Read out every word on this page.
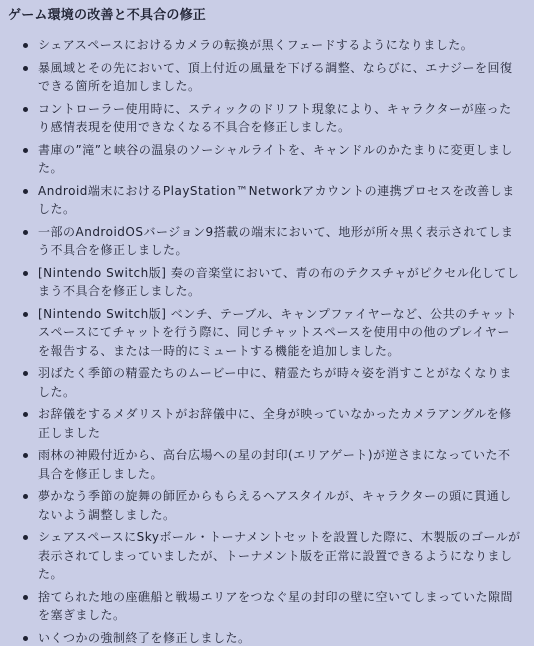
ゲーム環境の改善と不具合の修正
シェアスペースにおけるカメラの転換が黒くフェードするようになりました。
暴風域とその先において、頂上付近の風量を下げる調整、ならびに、エナジーを回復できる箇所を追加しました。
コントローラー使用時に、スティックのドリフト現象により、キャラクターが座ったり感情表現を使用できなくなる不具合を修正しました。
書庫の”滝”と峡谷の温泉のソーシャルライトを、キャンドルのかたまりに変更しました。
Android端末におけるPlayStation™Networkアカウントの連携プロセスを改善しました。
一部のAndroidOSバージョン9搭載の端末において、地形が所々黒く表示されてしまう不具合を修正しました。
[Nintendo Switch版] 奏の音楽堂において、青の布のテクスチャがピクセル化してしまう不具合を修正しました。
[Nintendo Switch版] ベンチ、テーブル、キャンプファイヤーなど、公共のチャットスペースにてチャットを行う際に、同じチャットスペースを使用中の他のプレイヤーを報告する、または一時的にミュートする機能を追加しました。
羽ばたく季節の精霊たちのムービー中に、精霊たちが時々姿を消すことがなくなりました。
お辞儀をするメダリストがお辞儀中に、全身が映っていなかったカメラアングルを修正しました
雨林の神殿付近から、高台広場への星の封印(エリアゲート)が逆さまになっていた不具合を修正しました。
夢かなう季節の旋舞の師匠からもらえるヘアスタイルが、キャラクターの頭に貫通しないよう調整しました。
シェアスペースにSkyボール・トーナメントセットを設置した際に、木製版のゴールが表示されてしまっていましたが、トーナメント版を正常に設置できるようになりました。
捨てられた地の座礁船と戦場エリアをつなぐ星の封印の壁に空いてしまっていた隙間を塞ぎました。
いくつかの強制終了を修正しました。
